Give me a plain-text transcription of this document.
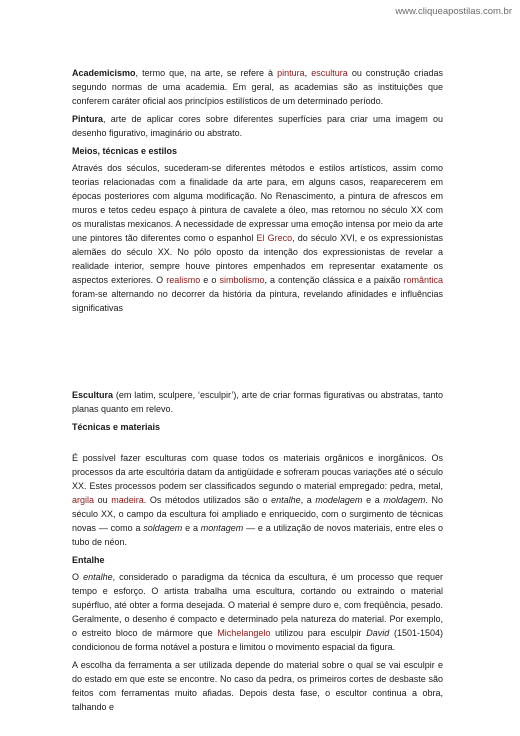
www.cliqueapostilas.com.br

Academicismo, termo que, na arte, se refere à pintura, escultura ou construção criadas segundo normas de uma academia. Em geral, as academias são as instituições que conferem caráter oficial aos princípios estilísticos de um determinado período.

Pintura, arte de aplicar cores sobre diferentes superfícies para criar uma imagem ou desenho figurativo, imaginário ou abstrato.

Meios, técnicas e estilos

Através dos séculos, sucederam-se diferentes métodos e estilos artísticos, assim como teorias relacionadas com a finalidade da arte para, em alguns casos, reaparecerem em épocas posteriores com alguma modificação. No Renascimento, a pintura de afrescos em muros e tetos cedeu espaço à pintura de cavalete a óleo, mas retornou no século XX com os muralistas mexicanos. A necessidade de expressar uma emoção intensa por meio da arte une pintores tão diferentes como o espanhol El Greco, do século XVI, e os expressionistas alemães do século XX. No pólo oposto da intenção dos expressionistas de revelar a realidade interior, sempre houve pintores empenhados em representar exatamente os aspectos exteriores. O realismo e o simbolismo, a contenção clássica e a paixão romântica foram-se alternando no decorrer da história da pintura, revelando afinidades e influências significativas

Escultura (em latim, sculpere, ‘esculpir’), arte de criar formas figurativas ou abstratas, tanto planas quanto em relevo.

Técnicas e materiais

É possível fazer esculturas com quase todos os materiais orgânicos e inorgânicos. Os processos da arte escultória datam da antigüidade e sofreram poucas variações até o século XX. Estes processos podem ser classificados segundo o material empregado: pedra, metal, argila ou madeira. Os métodos utilizados são o entalhe, a modelagem e a moldagem. No século XX, o campo da escultura foi ampliado e enriquecido, com o surgimento de técnicas novas — como a soldagem e a montagem — e a utilização de novos materiais, entre eles o tubo de néon.

Entalhe

O entalhe, considerado o paradigma da técnica da escultura, é um processo que requer tempo e esforço. O artista trabalha uma escultura, cortando ou extraindo o material supérfluo, até obter a forma desejada. O material é sempre duro e, com freqüência, pesado. Geralmente, o desenho é compacto e determinado pela natureza do material. Por exemplo, o estreito bloco de mármore que Michelangelo utilizou para esculpir David (1501-1504) condicionou de forma notável a postura e limitou o movimento espacial da figura.

A escolha da ferramenta a ser utilizada depende do material sobre o qual se vai esculpir e do estado em que este se encontre. No caso da pedra, os primeiros cortes de desbaste são feitos com ferramentas muito afiadas. Depois desta fase, o escultor continua a obra, talhando e
